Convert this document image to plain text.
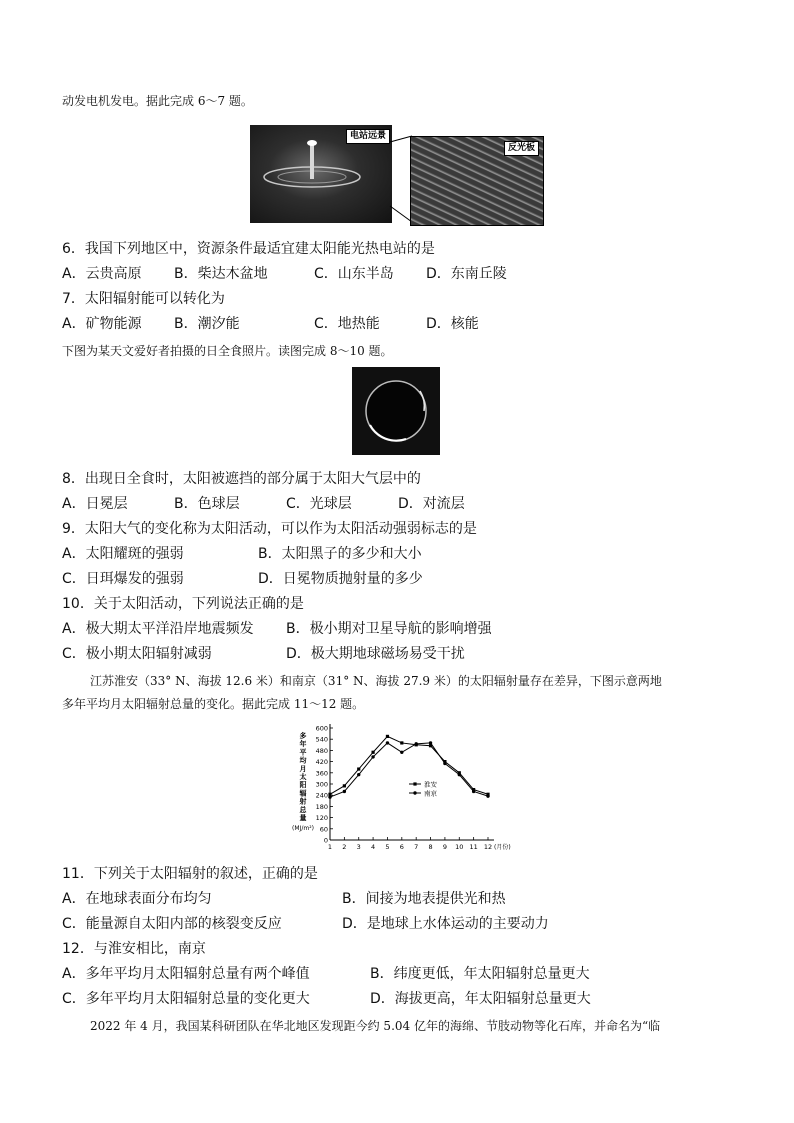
动发电机发电。据此完成 6～7 题。
电站远景
反光板
6．我国下列地区中，资源条件最适宜建太阳能光热电站的是
A．云贵高原 B．柴达木盆地	C．山东半岛 D．东南丘陵
7．太阳辐射能可以转化为
A．矿物能源 B．潮汐能	C．地热能	D．核能
下图为某天文爱好者拍摄的日全食照片。读图完成 8～10 题。
8．出现日全食时，太阳被遮挡的部分属于太阳大气层中的
A．日冕层	B．色球层	C．光球层	D．对流层
9．太阳大气的变化称为太阳活动，可以作为太阳活动强弱标志的是
A．太阳耀斑的强弱	B．太阳黑子的多少和大小
C．日珥爆发的强弱	D．日冕物质抛射量的多少
10．关于太阳活动，下列说法正确的是
A．极大期太平洋沿岸地震频发 B．极小期对卫星导航的影响增强
C．极小期太阳辐射减弱	D．极大期地球磁场易受干扰
江苏淮安（33° N、海拔 12.6 米）和南京（31° N、海拔 27.9 米）的太阳辐射量存在差异，下图示意两地
多年平均月太阳辐射总量的变化。据此完成 11～12 题。
0
60
120
180
240
300
360
420
480
540
600
1 2 3 4 5 6 7 8 9 10 11 12 (月份)
多
年
平
均
月
太
阳
辐
射
总
量
(MJ/m²)
淮安
南京
11．下列关于太阳辐射的叙述，正确的是
A．在地球表面分布均匀	B．间接为地表提供光和热
C．能量源自太阳内部的核裂变反应	D．是地球上水体运动的主要动力
12．与淮安相比，南京
A．多年平均月太阳辐射总量有两个峰值	B．纬度更低，年太阳辐射总量更大
C．多年平均月太阳辐射总量的变化更大	D．海拔更高，年太阳辐射总量更大
2022 年 4 月，我国某科研团队在华北地区发现距今约 5.04 亿年的海绵、节肢动物等化石库，并命名为“临
